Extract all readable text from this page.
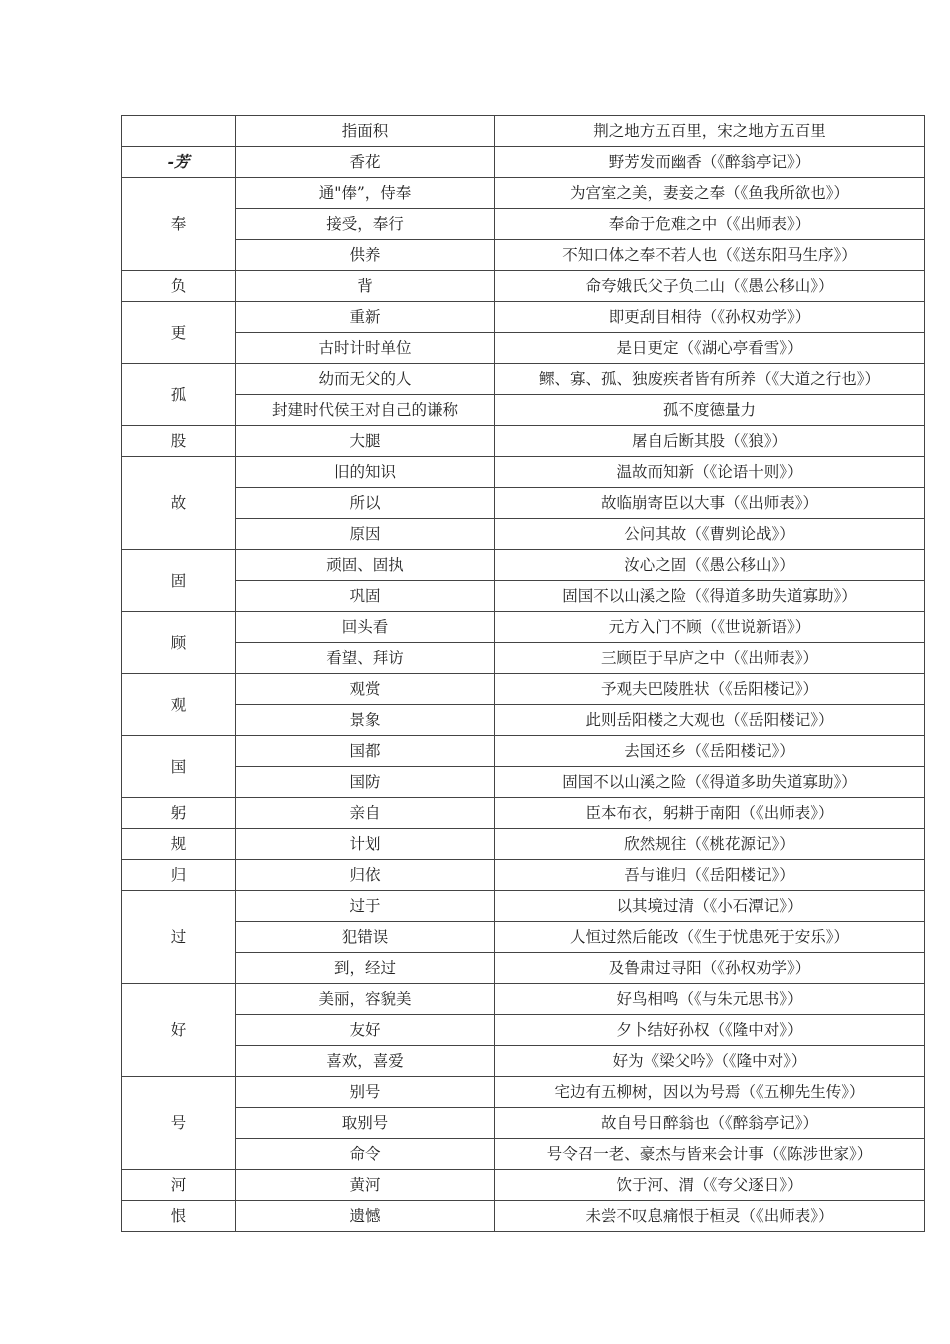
	指面积	荆之地方五百里，宋之地方五百里
-芳	香花	野芳发而幽香（《醉翁亭记》）
奉	通"俸”，侍奉	为宫室之美，妻妾之奉（《鱼我所欲也》）
	接受，奉行	奉命于危难之中（《出师表》）
	供养	不知口体之奉不若人也（《送东阳马生序》）
负	背	命夸娥氏父子负二山（《愚公移山》）
更	重新	即更刮目相待（《孙权劝学》）
	古时计时单位	是日更定（《湖心亭看雪》）
孤	幼而无父的人	鳏、寡、孤、独废疾者皆有所养（《大道之行也》）
	封建时代侯王对自己的谦称	孤不度德量力
股	大腿	屠自后断其股（《狼》）
故	旧的知识	温故而知新（《论语十则》）
	所以	故临崩寄臣以大事（《出师表》）
	原因	公问其故（《曹刿论战》）
固	顽固、固执	汝心之固（《愚公移山》）
	巩固	固国不以山溪之险（《得道多助失道寡助》）
顾	回头看	元方入门不顾（《世说新语》）
	看望、拜访	三顾臣于早庐之中（《出师表》）
观	观赏	予观夫巴陵胜状（《岳阳楼记》）
	景象	此则岳阳楼之大观也（《岳阳楼记》）
国	国都	去国还乡（《岳阳楼记》）
	国防	固国不以山溪之险（《得道多助失道寡助》）
躬	亲自	臣本布衣，躬耕于南阳（《出师表》）
规	计划	欣然规往（《桃花源记》）
归	归依	吾与谁归（《岳阳楼记》）
过	过于	以其境过清（《小石潭记》）
	犯错误	人恒过然后能改（《生于忧患死于安乐》）
	到，经过	及鲁肃过寻阳（《孙权劝学》）
好	美丽，容貌美	好鸟相鸣（《与朱元思书》）
	友好	夕卜结好孙权（《隆中对》）
	喜欢，喜爱	好为《梁父吟》（《隆中对》）
号	别号	宅边有五柳树，因以为号焉（《五柳先生传》）
	取别号	故自号日醉翁也（《醉翁亭记》）
	命令	号令召一老、豪杰与皆来会计事（《陈涉世家》）
河	黄河	饮于河、渭（《夸父逐日》）
恨	遗憾	未尝不叹息痛恨于桓灵（《出师表》）
